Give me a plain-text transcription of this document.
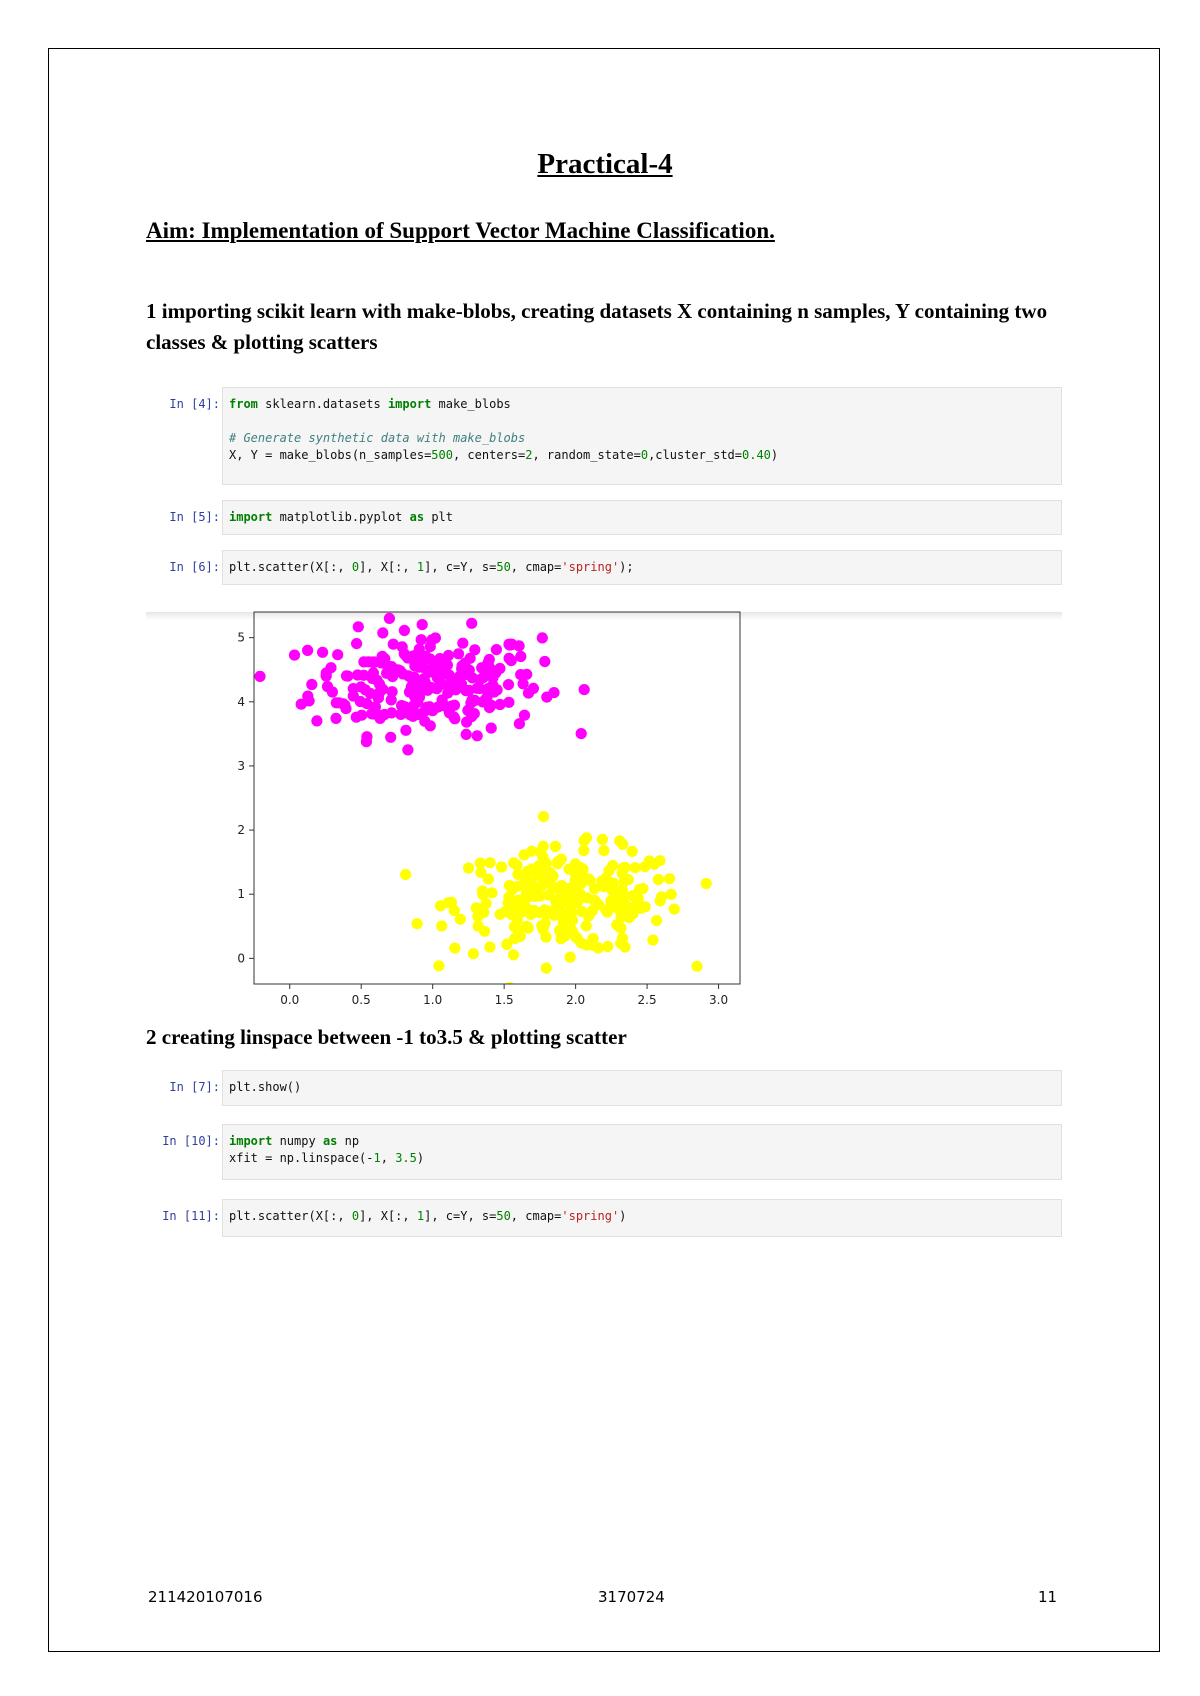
Practical-4
Aim: Implementation of Support Vector Machine Classification.
1 importing scikit learn with make-blobs, creating datasets X containing n samples, Y containing two classes & plotting scatters
In [4]: from sklearn.datasets import make_blobs

# Generate synthetic data with make_blobs
X, Y = make_blobs(n_samples=500, centers=2, random_state=0,cluster_std=0.40)
In [5]: import matplotlib.pyplot as plt
In [6]: plt.scatter(X[:, 0], X[:, 1], c=Y, s=50, cmap='spring');
0.0	0.5	1.0	1.5	2.0	2.5	3.0
0
1
2
3
4
5
2 creating linspace between -1 to3.5 & plotting scatter
In [7]: plt.show()
In [10]: import numpy as np
xfit = np.linspace(-1, 3.5)
In [11]: plt.scatter(X[:, 0], X[:, 1], c=Y, s=50, cmap='spring')
211420107016	3170724	11
